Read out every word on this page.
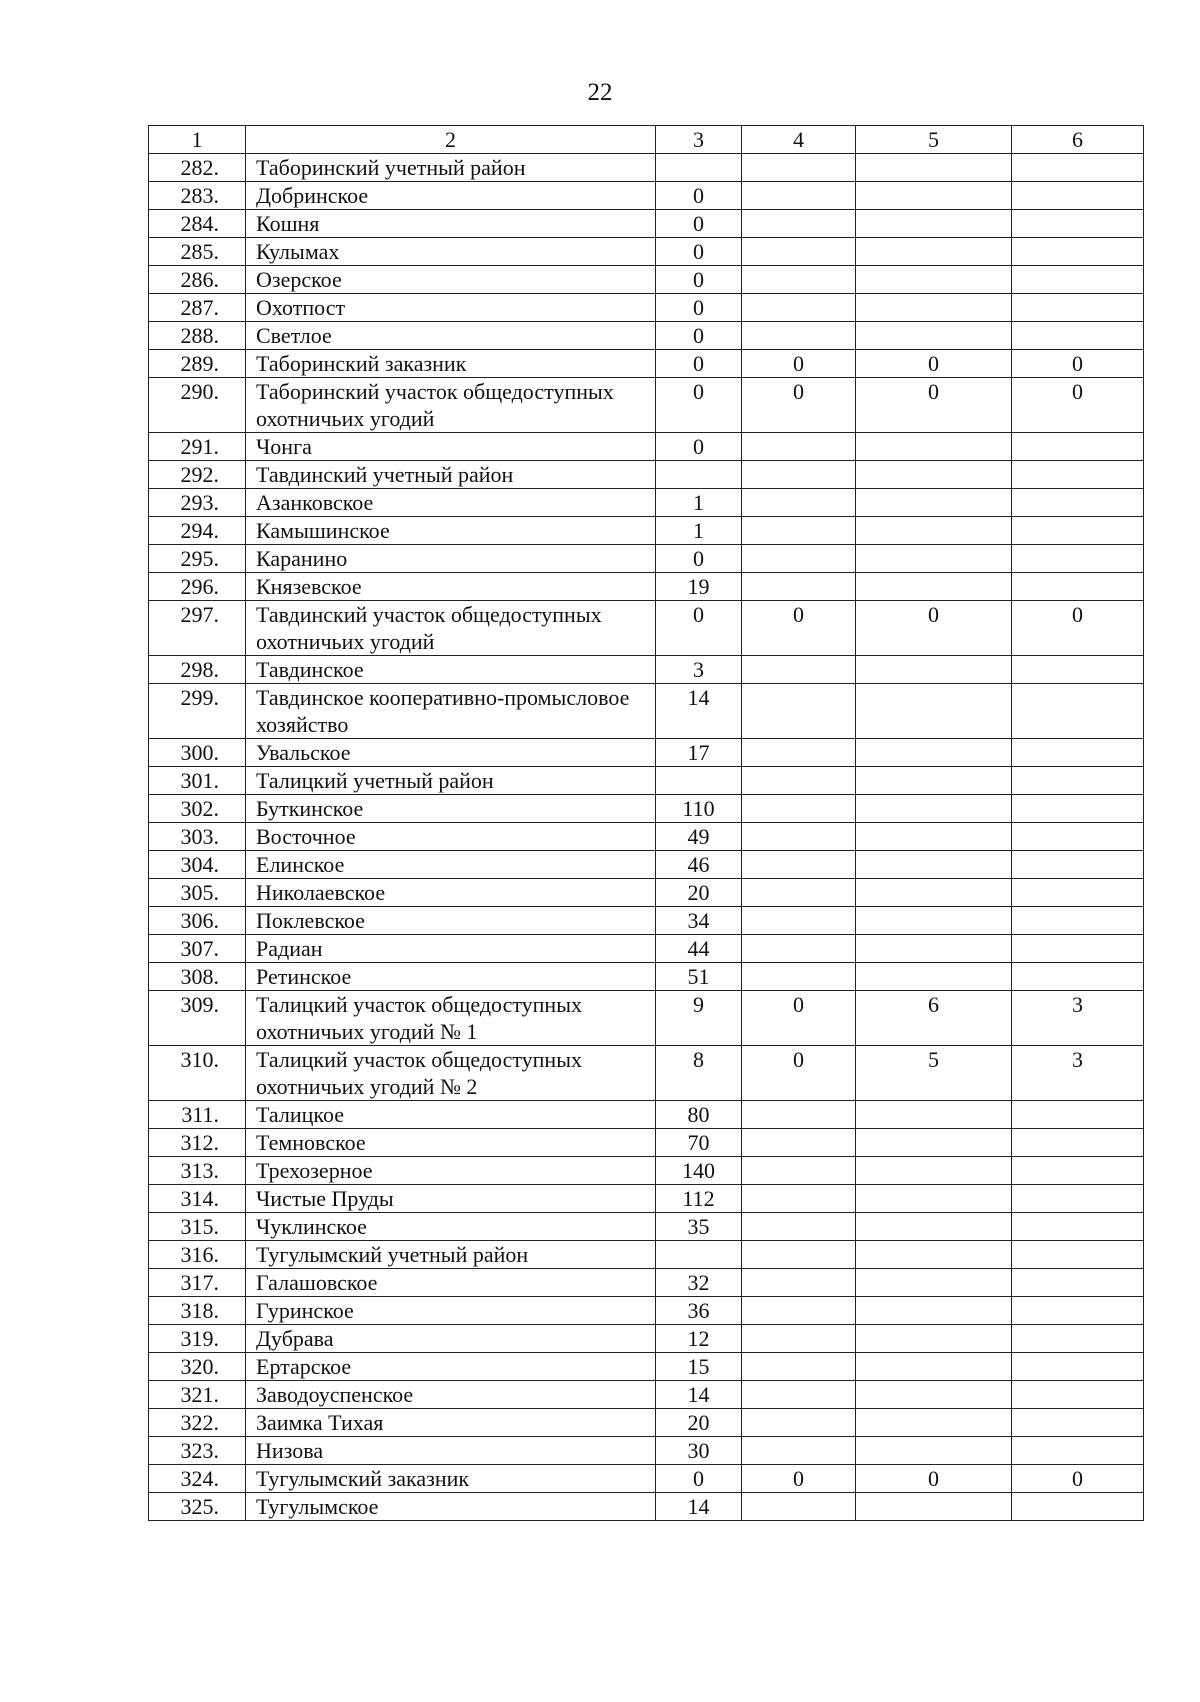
22
1	2	3	4	5	6
282.	Таборинский учетный район				
283.	Добринское	0			
284.	Кошня	0			
285.	Кулымах	0			
286.	Озерское	0			
287.	Охотпост	0			
288.	Светлое	0			
289.	Таборинский заказник	0	0	0	0
290.	Таборинский участок общедоступных охотничьих угодий	0	0	0	0
291.	Чонга	0			
292.	Тавдинский учетный район				
293.	Азанковское	1			
294.	Камышинское	1			
295.	Каранино	0			
296.	Князевское	19			
297.	Тавдинский участок общедоступных охотничьих угодий	0	0	0	0
298.	Тавдинское	3			
299.	Тавдинское кооперативно-промысловое хозяйство	14			
300.	Увальское	17			
301.	Талицкий учетный район				
302.	Буткинское	110			
303.	Восточное	49			
304.	Елинское	46			
305.	Николаевское	20			
306.	Поклевское	34			
307.	Радиан	44			
308.	Ретинское	51			
309.	Талицкий участок общедоступных охотничьих угодий № 1	9	0	6	3
310.	Талицкий участок общедоступных охотничьих угодий № 2	8	0	5	3
311.	Талицкое	80			
312.	Темновское	70			
313.	Трехозерное	140			
314.	Чистые Пруды	112			
315.	Чуклинское	35			
316.	Тугулымский учетный район				
317.	Галашовское	32			
318.	Гуринское	36			
319.	Дубрава	12			
320.	Ертарское	15			
321.	Заводоуспенское	14			
322.	Заимка Тихая	20			
323.	Низова	30			
324.	Тугулымский заказник	0	0	0	0
325.	Тугулымское	14			
